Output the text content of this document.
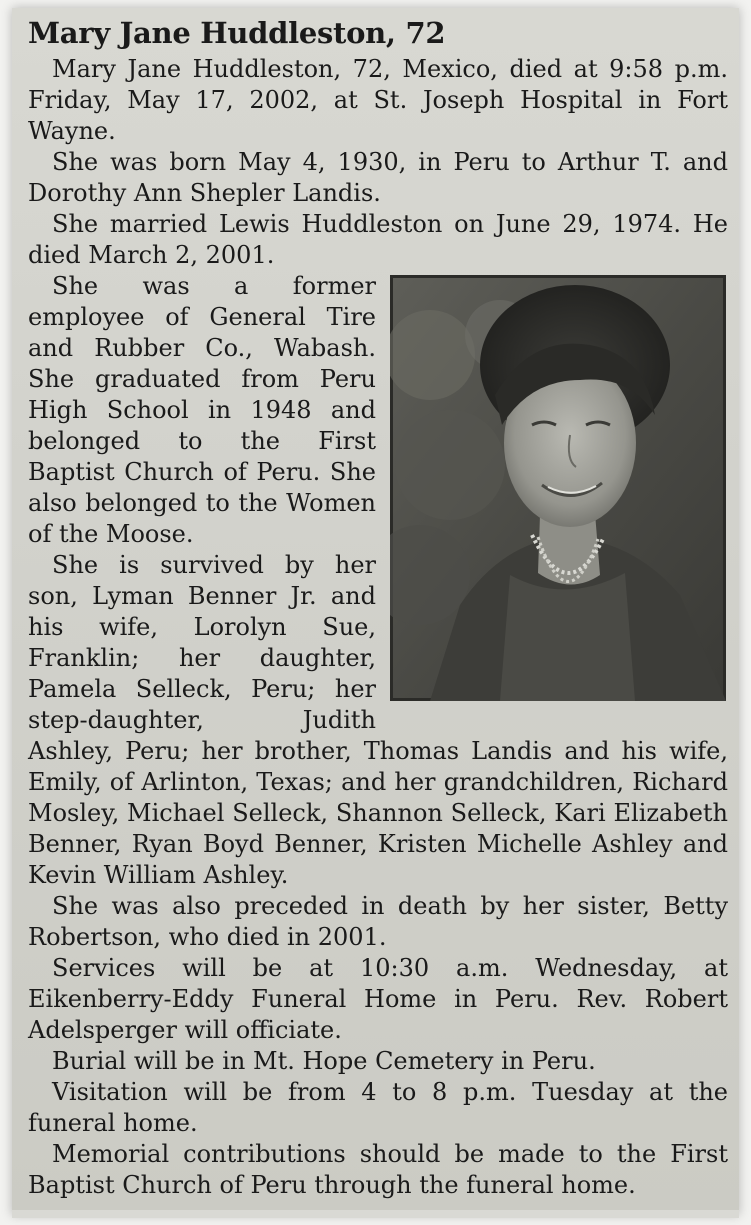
Mary Jane Huddleston, 72

Mary Jane Huddleston, 72, Mexico, died at 9:58 p.m. Friday, May 17, 2002, at St. Joseph Hospital in Fort Wayne.

She was born May 4, 1930, in Peru to Arthur T. and Dorothy Ann Shepler Landis.

She married Lewis Huddleston on June 29, 1974. He died March 2, 2001.

She was a former employee of General Tire and Rubber Co., Wabash. She graduated from Peru High School in 1948 and belonged to the First Baptist Church of Peru. She also belonged to the Women of the Moose.

She is survived by her son, Lyman Benner Jr. and his wife, Lorolyn Sue, Franklin; her daughter, Pamela Selleck, Peru; her step-daughter, Judith Ashley, Peru; her brother, Thomas Landis and his wife, Emily, of Arlinton, Texas; and her grandchildren, Richard Mosley, Michael Selleck, Shannon Selleck, Kari Elizabeth Benner, Ryan Boyd Benner, Kristen Michelle Ashley and Kevin William Ashley.

She was also preceded in death by her sister, Betty Robertson, who died in 2001.

Services will be at 10:30 a.m. Wednesday, at Eikenberry-Eddy Funeral Home in Peru. Rev. Robert Adelsperger will officiate.

Burial will be in Mt. Hope Cemetery in Peru.

Visitation will be from 4 to 8 p.m. Tuesday at the funeral home.

Memorial contributions should be made to the First Baptist Church of Peru through the funeral home.
